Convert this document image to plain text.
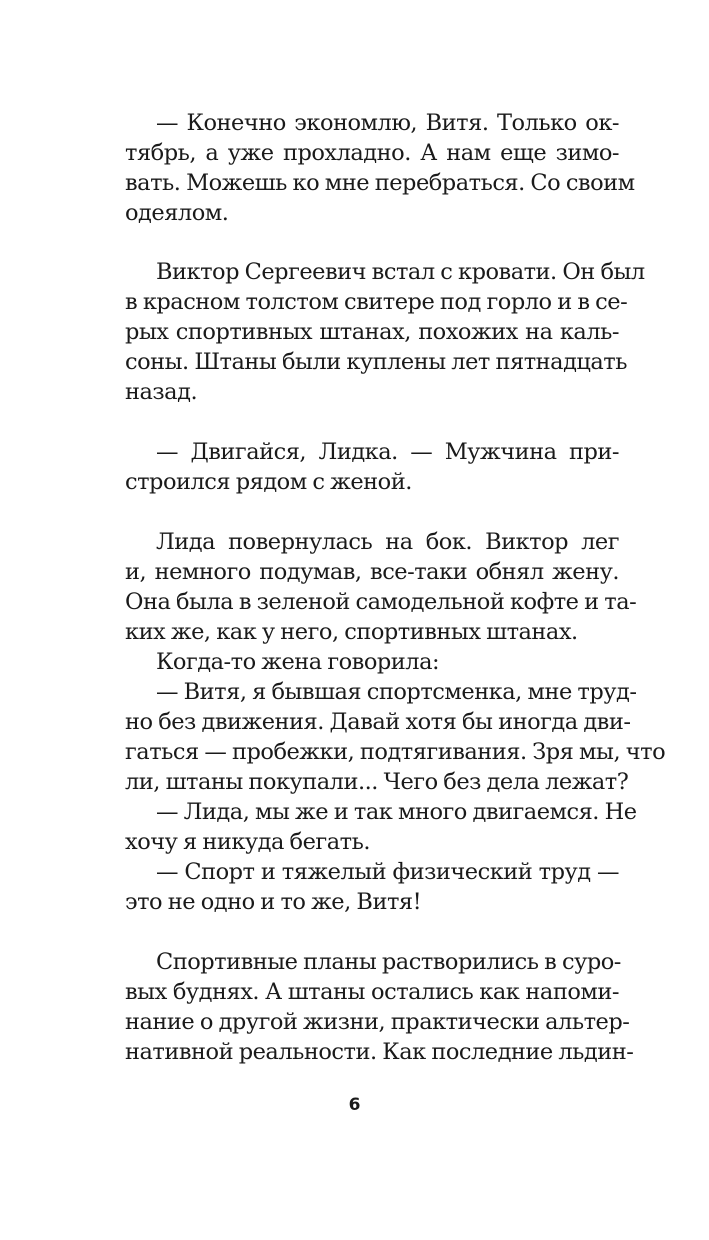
— Конечно экономлю, Витя. Только ок-

тябрь, а уже прохладно. А нам еще зимо-

вать. Можешь ко мне перебраться. Со своим

одеялом.

Виктор Сергеевич встал с кровати. Он был

в красном толстом свитере под горло и в се-

рых спортивных штанах, похожих на каль-

соны. Штаны были куплены лет пятнадцать

назад.

— Двигайся, Лидка. — Мужчина при-

строился рядом с женой.

Лида повернулась на бок. Виктор лег

и, немного подумав, все-таки обнял жену.

Она была в зеленой самодельной кофте и та-

ких же, как у него, спортивных штанах.

Когда-то жена говорила:

— Витя, я бывшая спортсменка, мне труд-

но без движения. Давай хотя бы иногда дви-

гаться — пробежки, подтягивания. Зря мы, что

ли, штаны покупали... Чего без дела лежат?

— Лида, мы же и так много двигаемся. Не

хочу я никуда бегать.

— Спорт и тяжелый физический труд —

это не одно и то же, Витя!

Спортивные планы растворились в суро-

вых буднях. А штаны остались как напоми-

нание о другой жизни, практически альтер-

нативной реальности. Как последние льдин-

6
